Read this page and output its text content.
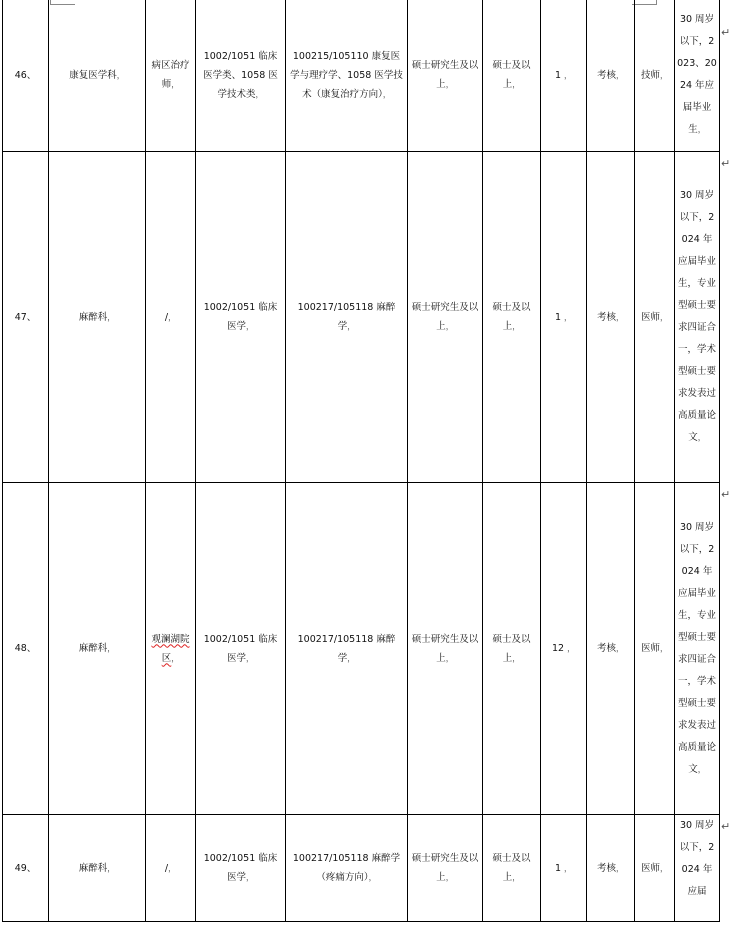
46、	康复医学科，	病区治疗师，	1002/1051 临床医学类、1058 医学技术类，	100215/105110 康复医学与理疗学、1058 医学技术（康复治疗方向），	硕士研究生及以上，	硕士及以上，	1 ，	考核，	技师，	30 周岁以下，2023、2024 年应届毕业生，
47、	麻醉科，	/，	1002/1051 临床医学，	100217/105118 麻醉学，	硕士研究生及以上，	硕士及以上，	1 ，	考核，	医师，	30 周岁以下，2024 年应届毕业生，专业型硕士要求四证合一，学术型硕士要求发表过高质量论文，
48、	麻醉科，	观澜湖院区，	1002/1051 临床医学，	100217/105118 麻醉学，	硕士研究生及以上，	硕士及以上，	12 ，	考核，	医师，	30 周岁以下，2024 年应届毕业生，专业型硕士要求四证合一，学术型硕士要求发表过高质量论文，
49、	麻醉科，	/，	1002/1051 临床医学，	100217/105118 麻醉学（疼痛方向），	硕士研究生及以上，	硕士及以上，	1 ，	考核，	医师，	30 周岁以下，2024 年应届
↵
↵
↵
↵
